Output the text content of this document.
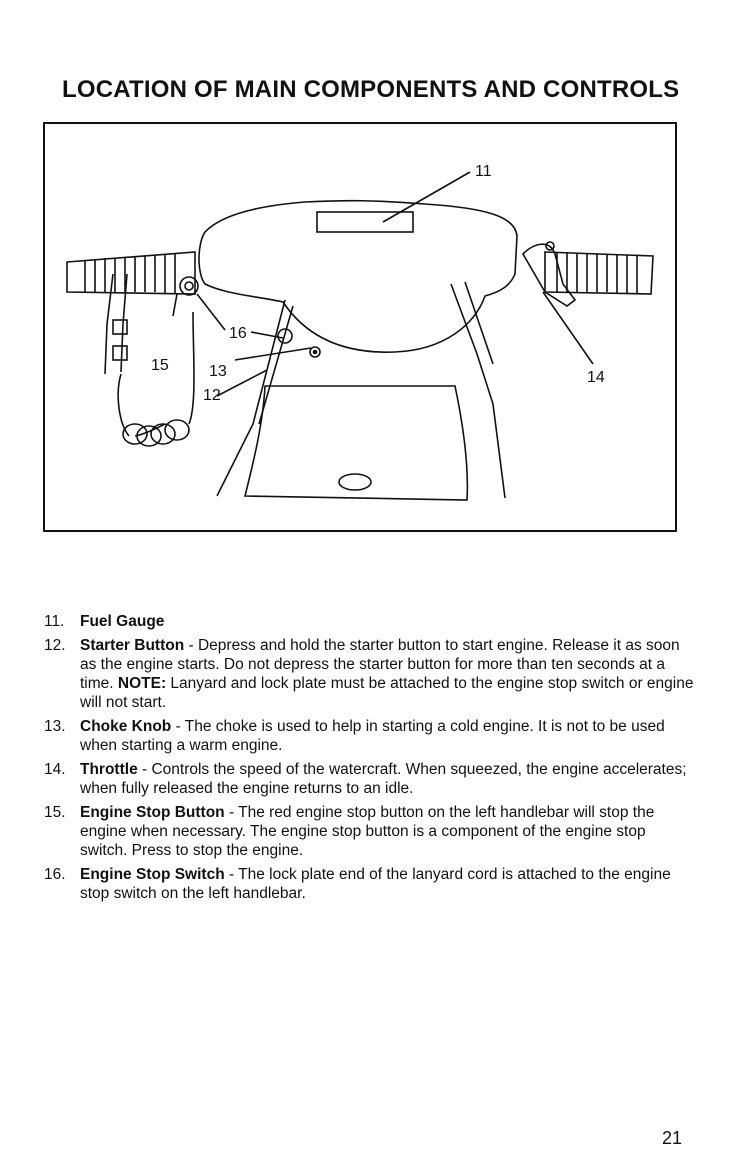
LOCATION OF MAIN COMPONENTS AND CONTROLS
11
12
13	14
15
16
11.	Fuel Gauge
12. Starter Button - Depress and hold the starter button to start engine. Release it as soon as the engine starts. Do not depress the starter button for more than ten seconds at a time. NOTE: Lanyard and lock plate must be attached to the engine stop switch or engine will not start.
13. Choke Knob - The choke is used to help in starting a cold engine. It is not to be used when starting a warm engine.
14. Throttle - Controls the speed of the watercraft. When squeezed, the engine accelerates; when fully released the engine returns to an idle.
15. Engine Stop Button - The red engine stop button on the left handlebar will stop the engine when necessary. The engine stop button is a component of the engine stop switch. Press to stop the engine.
16. Engine Stop Switch - The lock plate end of the lanyard cord is attached to the engine stop switch on the left handlebar.
21
